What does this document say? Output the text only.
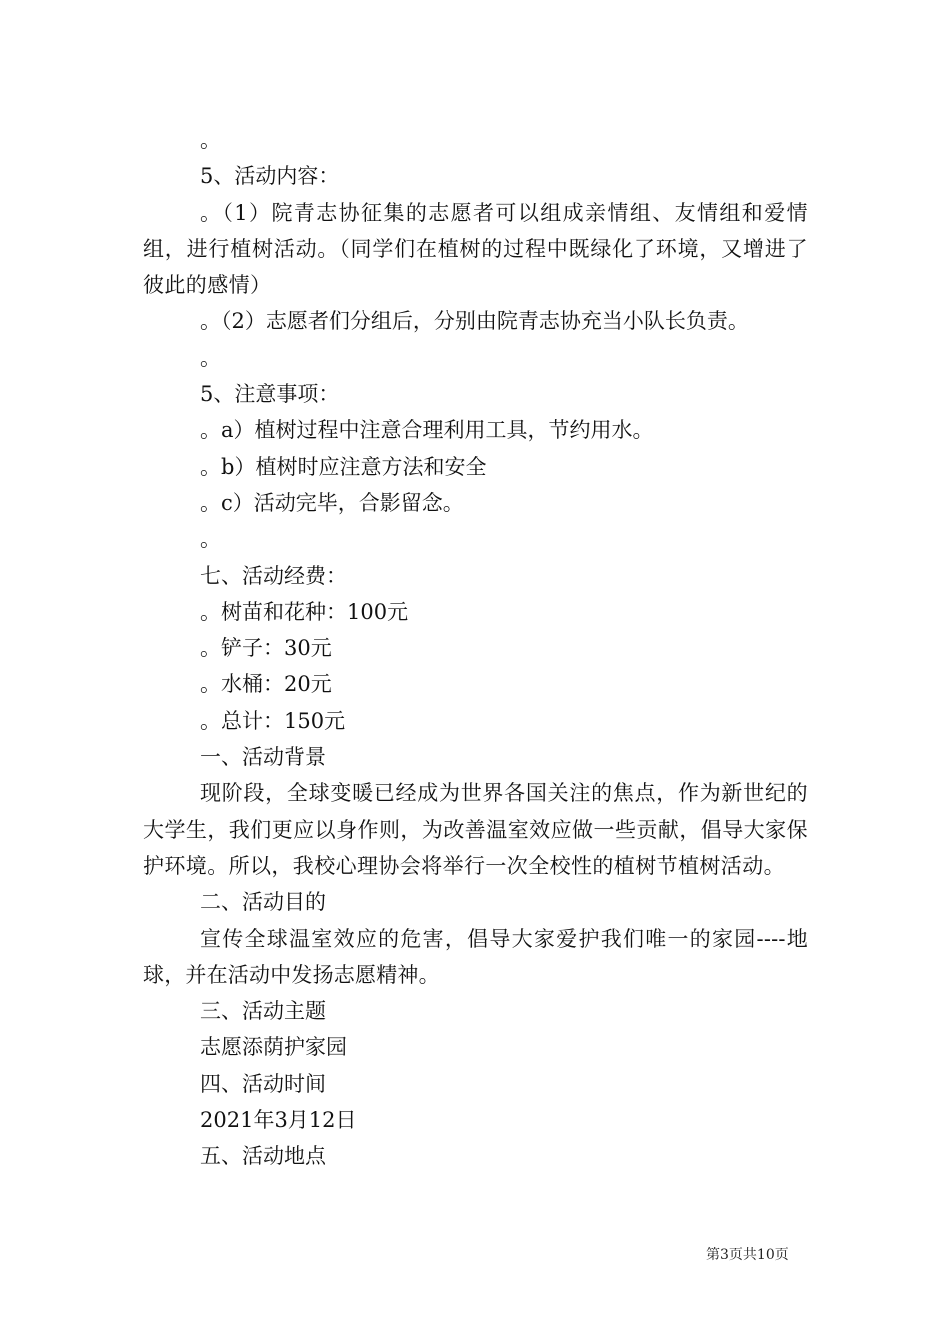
。
5、活动内容：
。（1）院青志协征集的志愿者可以组成亲情组、友情组和爱情组，进行植树活动。（同学们在植树的过程中既绿化了环境，又增进了彼此的感情）
。（2）志愿者们分组后，分别由院青志协充当小队长负责。
。
5、注意事项：
。a）植树过程中注意合理利用工具，节约用水。
。b）植树时应注意方法和安全
。c）活动完毕，合影留念。
。
七、活动经费：
。树苗和花种：100元
。铲子：30元
。水桶：20元
。总计：150元
一、活动背景
现阶段，全球变暖已经成为世界各国关注的焦点，作为新世纪的大学生，我们更应以身作则，为改善温室效应做一些贡献，倡导大家保护环境。所以，我校心理协会将举行一次全校性的植树节植树活动。
二、活动目的
宣传全球温室效应的危害，倡导大家爱护我们唯一的家园----地球，并在活动中发扬志愿精神。
三、活动主题
志愿添荫护家园
四、活动时间
2021年3月12日
五、活动地点
第3页共10页
